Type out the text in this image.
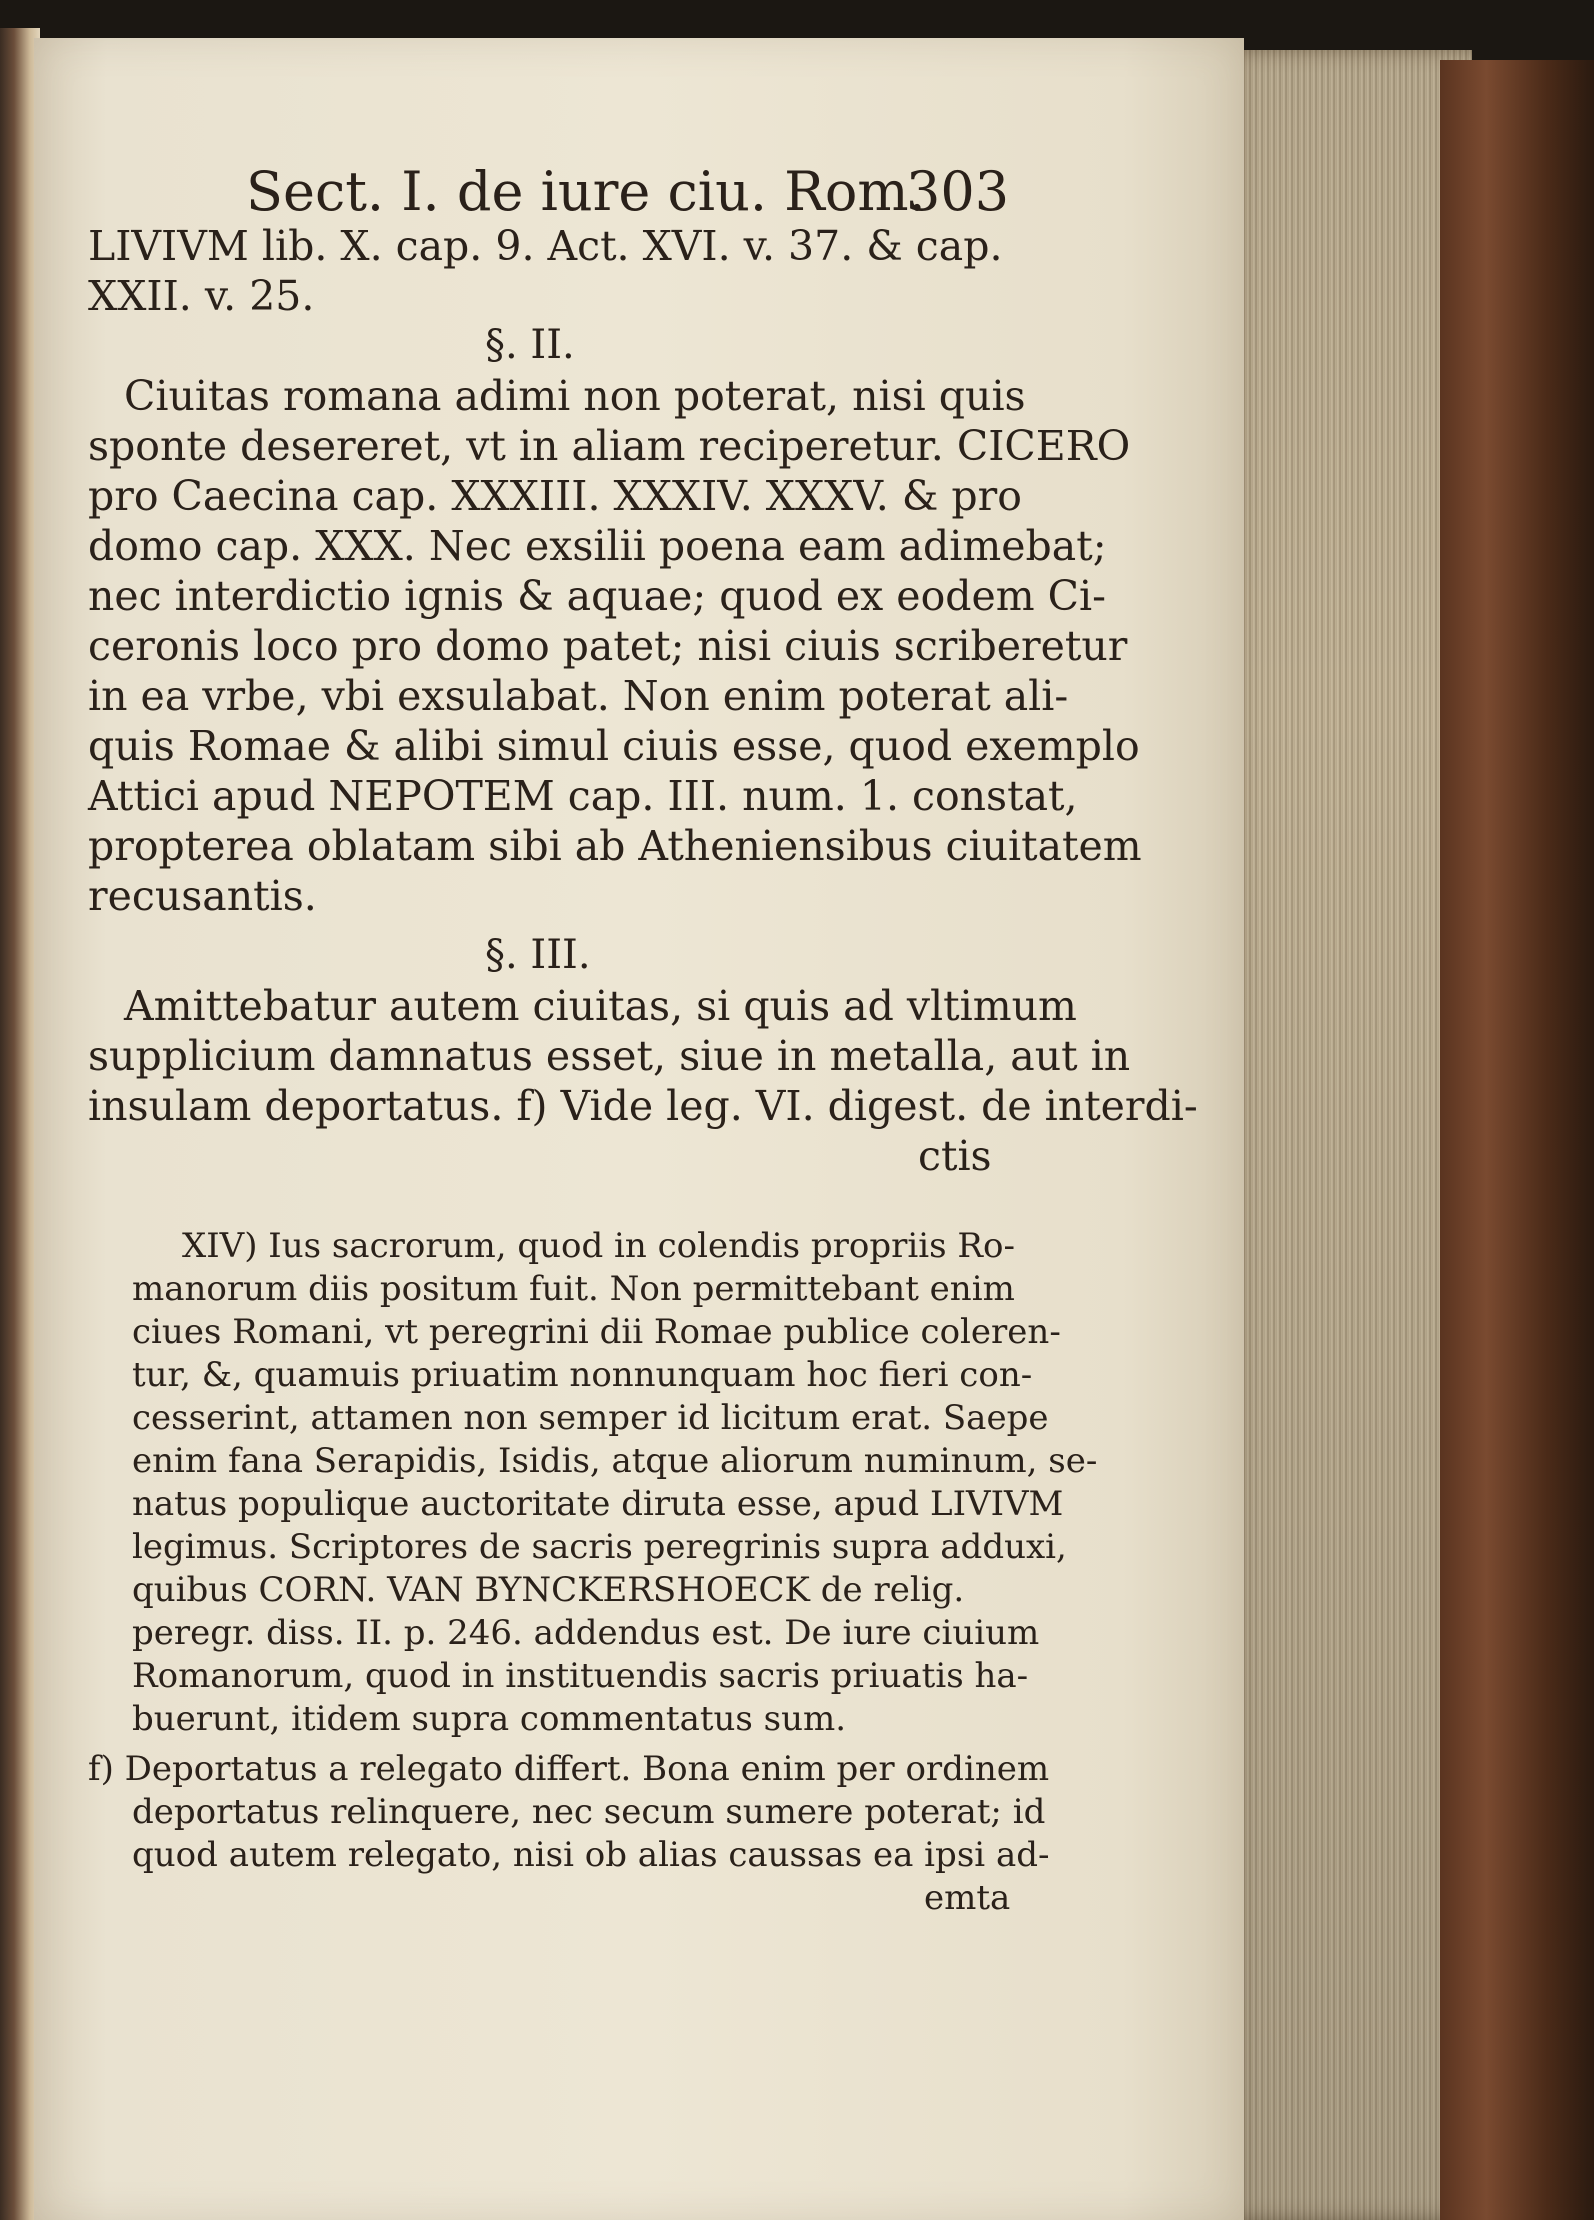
Sect. I. de iure ciu. Rom.
303
LIVIVM lib. X. cap. 9. Act. XVI. v. 37. & cap.
XXII. v. 25.
§. II.
Ciuitas romana adimi non poterat, nisi quis
sponte desereret, vt in aliam reciperetur. CICERO
pro Caecina cap. XXXIII. XXXIV. XXXV. & pro
domo cap. XXX. Nec exsilii poena eam adimebat;
nec interdictio ignis & aquae; quod ex eodem Ci-
ceronis loco pro domo patet; nisi ciuis scriberetur
in ea vrbe, vbi exsulabat. Non enim poterat ali-
quis Romae & alibi simul ciuis esse, quod exemplo
Attici apud NEPOTEM cap. III. num. 1. constat,
propterea oblatam sibi ab Atheniensibus ciuitatem
recusantis.
§. III.
Amittebatur autem ciuitas, si quis ad vltimum
supplicium damnatus esset, siue in metalla, aut in
insulam deportatus. f) Vide leg. VI. digest. de interdi-
ctis
XIV) Ius sacrorum, quod in colendis propriis Ro-
manorum diis positum fuit. Non permittebant enim
ciues Romani, vt peregrini dii Romae publice coleren-
tur, &, quamuis priuatim nonnunquam hoc fieri con-
cesserint, attamen non semper id licitum erat. Saepe
enim fana Serapidis, Isidis, atque aliorum numinum, se-
natus populique auctoritate diruta esse, apud LIVIVM
legimus. Scriptores de sacris peregrinis supra adduxi,
quibus CORN. VAN BYNCKERSHOECK de relig.
peregr. diss. II. p. 246. addendus est. De iure ciuium
Romanorum, quod in instituendis sacris priuatis ha-
buerunt, itidem supra commentatus sum.
f) Deportatus a relegato differt. Bona enim per ordinem
deportatus relinquere, nec secum sumere poterat; id
quod autem relegato, nisi ob alias caussas ea ipsi ad-
emta
